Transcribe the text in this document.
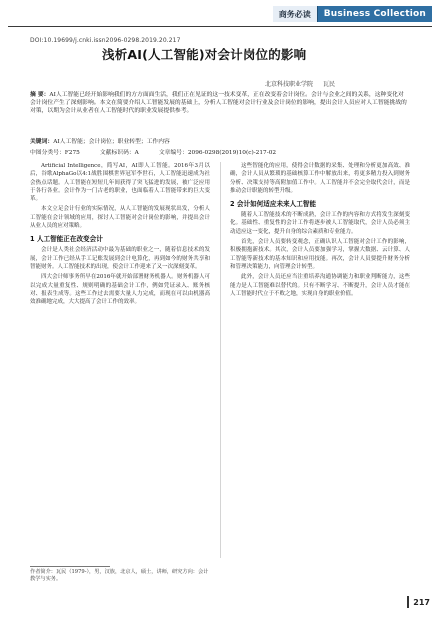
商务必读	Business Collection
DOI:10.19699/j.cnki.issn2096-0298.2019.20.217
浅析AI(人工智能)对会计岗位的影响
北京科技职业学院 瓦民
摘 要：AI人工智能已经开始影响我们的方方面面生活，我们正在见证的这一技术变革，正在改变着会计岗位。会计与会业之间的关系，这种变化对会计岗位产生了深刻影响。本文在简要介绍人工智能发展的基础上，分析人工智能对会计行业及会计岗位的影响，提出会计人员应对人工智能挑战的对策，以期为会计从业者在人工智能时代的职业发展提供参考。
关键词：AI人工智能；会计岗位；职业转型；工作内容
中图分类号：F275	文献标识码：A	文章编号：2096-0298(2019)10(c)-217-02

Artificial Intelligence，简写AI，AI即人工智能。2016年3月以后，谷歌AlphaGo以4:1战胜围棋世界冠军李世石，人工智能迅速成为社会热点话题。人工智能在短短几年间获得了突飞猛进的发展，被广泛应用于各行各业。会计作为一门古老的职业，也面临着人工智能带来的巨大变革。

本文立足会计行业的实际情况，从人工智能的发展现状出发，分析人工智能在会计领域的应用，探讨人工智能对会计岗位的影响，并提出会计从业人员的应对策略。

1 人工智能正在改变会计

会计是人类社会经济活动中最为基础的职业之一，随着信息技术的发展，会计工作已经从手工记账发展到会计电算化，再到如今的财务共享和智能财务。人工智能技术的出现，使会计工作迎来了又一次深刻变革。

四大会计师事务所早在2016年就开始部署财务机器人。财务机器人可以完成大量重复性、规则明确的基础会计工作，例如凭证录入、账务核对、报表生成等。这些工作过去需要大量人力完成，而现在可以由机器高效准确地完成，大大提高了会计工作的效率。

这些智能化的应用，使得会计数据的采集、处理和分析更加高效、准确，会计人员从繁琐的基础核算工作中解放出来，将更多精力投入到财务分析、决策支持等高附加值工作中。人工智能并不会完全取代会计，而是推动会计职能的转型升级。

2 会计如何适应未来人工智能

随着人工智能技术的不断成熟，会计工作的内容和方式将发生深刻变化。基础性、重复性的会计工作将逐步被人工智能取代，会计人员必须主动适应这一变化，提升自身的综合素质和专业能力。

首先，会计人员要转变观念，正确认识人工智能对会计工作的影响，积极拥抱新技术。其次，会计人员要加强学习，掌握大数据、云计算、人工智能等新技术的基本知识和应用技能。再次，会计人员要提升财务分析和管理决策能力，向管理会计转型。

此外，会计人员还应当注重培养沟通协调能力和职业判断能力，这些能力是人工智能难以替代的。只有不断学习、不断提升，会计人员才能在人工智能时代立于不败之地，实现自身的职业价值。

作者简介：瓦民（1979-），男，汉族，北京人，硕士，讲师，研究方向：会计教学与实务。
217
